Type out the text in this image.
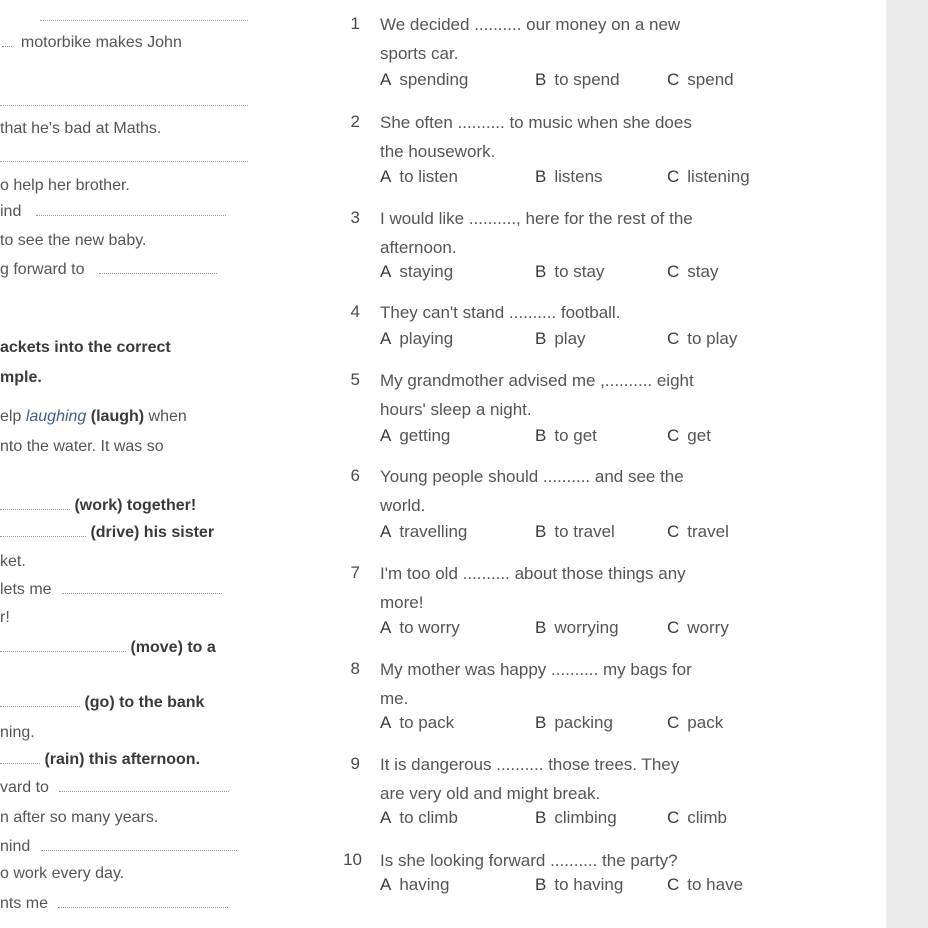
motorbike makes John
that he's bad at Maths.
o help her brother.
ind
to see the new baby.
g forward to
ackets into the correct
mple.
elp laughing (laugh) when
nto the water. It was so
(work) together!
(drive) his sister
ket.
lets me
r!
(move) to a
(go) to the bank
ning.
(rain) this afternoon.
vard to
n after so many years.
nind
o work every day.
nts me
1 We decided .......... our money on a new
sports car.
A spending	B to spend	C spend
2 She often .......... to music when she does
the housework.
A to listen	B listens	C listening
3 I would like .........., here for the rest of the
afternoon.
A staying	B to stay	C stay
4 They can't stand .......... football.
A playing	B play	C to play
5 My grandmother advised me ,.......... eight
hours' sleep a night.
A getting	B to get	C get
6 Young people should .......... and see the
world.
A travelling	B to travel	C travel
7 I'm too old .......... about those things any
more!
A to worry	B worrying	C worry
8 My mother was happy .......... my bags for
me.
A to pack	B packing	C pack
9 It is dangerous .......... those trees. They
are very old and might break.
A to climb	B climbing	C climb
10 Is she looking forward .......... the party?
A having	B to having	C to have
